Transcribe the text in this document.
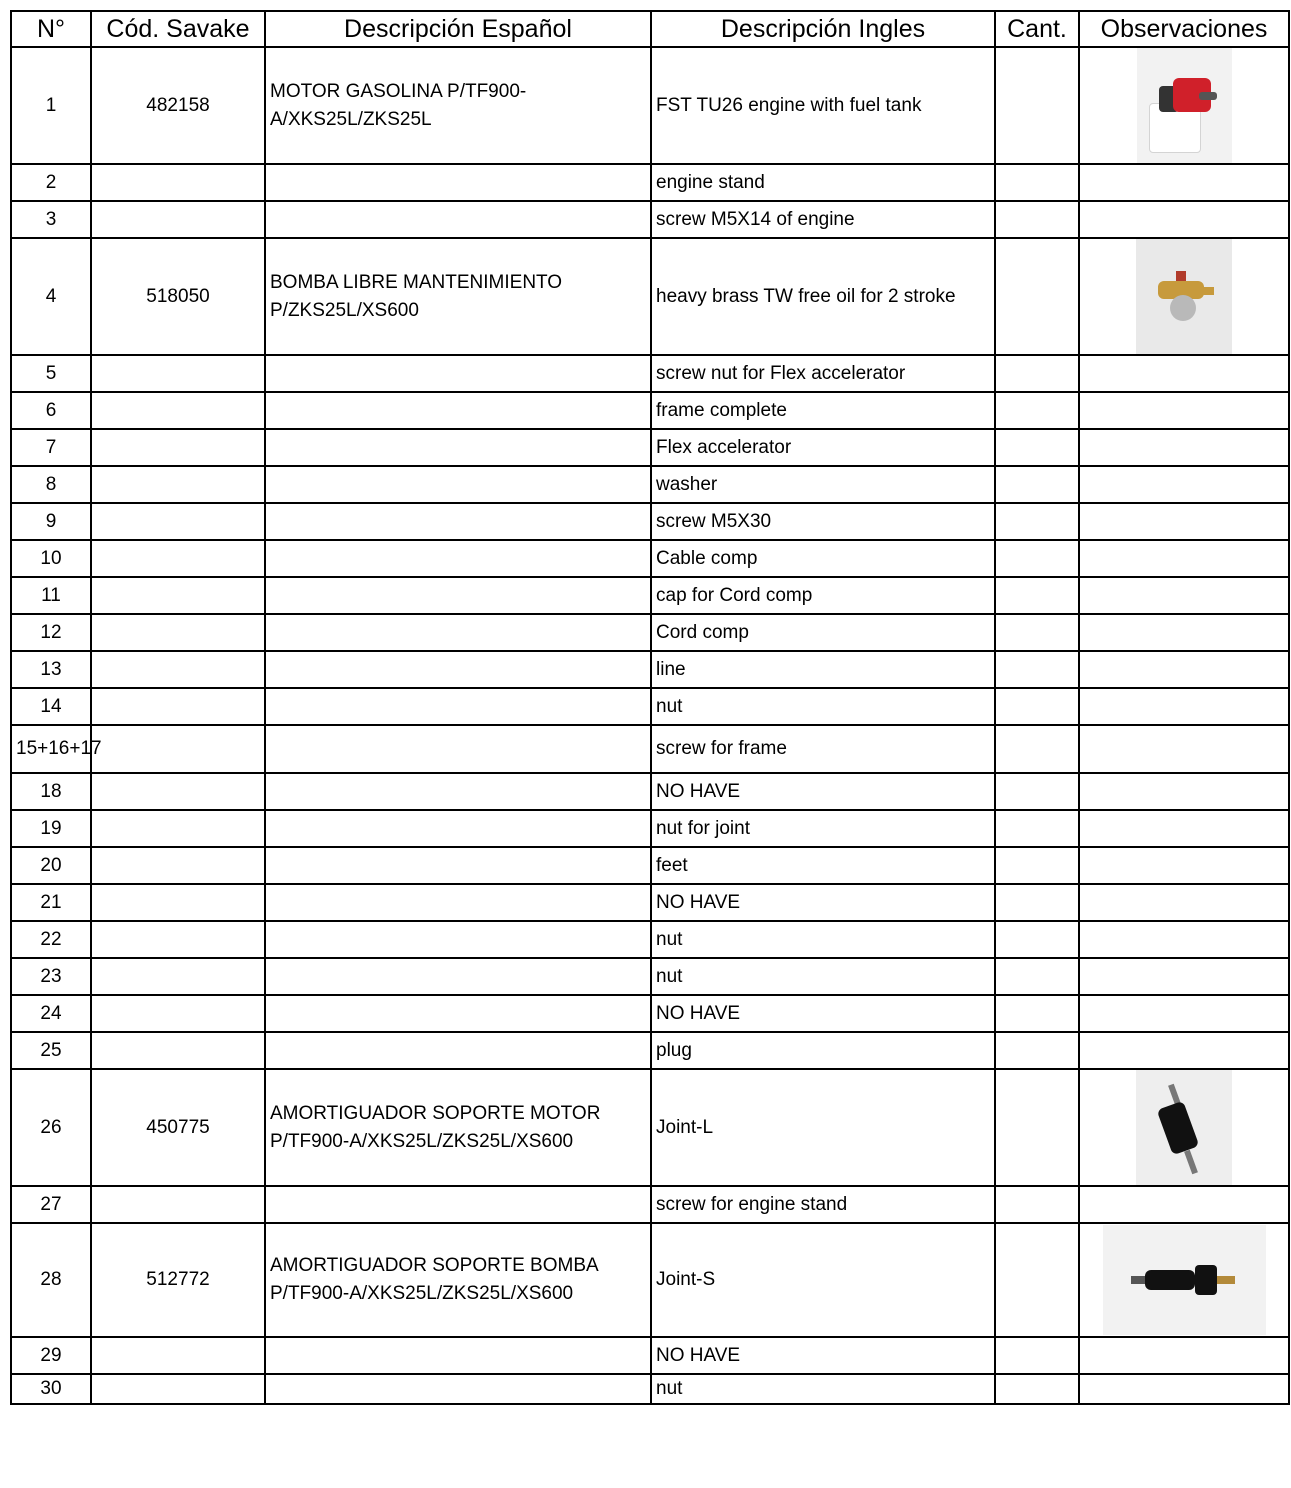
N°	Cód. Savake	Descripción Español	Descripción Ingles	Cant.	Observaciones
1	482158	MOTOR GASOLINA P/TF900-A/XKS25L/ZKS25L	FST TU26 engine with fuel tank		

2			engine stand		
3			screw M5X14 of engine		
4	518050	BOMBA LIBRE MANTENIMIENTO P/ZKS25L/XS600	heavy brass TW free oil for 2 stroke		

5			screw nut for Flex accelerator		
6			frame complete		
7			Flex accelerator		
8			washer		
9			screw M5X30		
10			Cable comp		
11			cap for Cord comp		
12			Cord comp		
13			line		
14			nut		
15+16+17			screw for frame		
18			NO HAVE		
19			nut for joint		
20			feet		
21			NO HAVE		
22			nut		
23			nut		
24			NO HAVE		
25			plug		
26	450775	AMORTIGUADOR SOPORTE MOTOR P/TF900-A/XKS25L/ZKS25L/XS600	Joint-L		

27			screw for engine stand		
28	512772	AMORTIGUADOR SOPORTE BOMBA P/TF900-A/XKS25L/ZKS25L/XS600	Joint-S		

29			NO HAVE		
30			nut		
